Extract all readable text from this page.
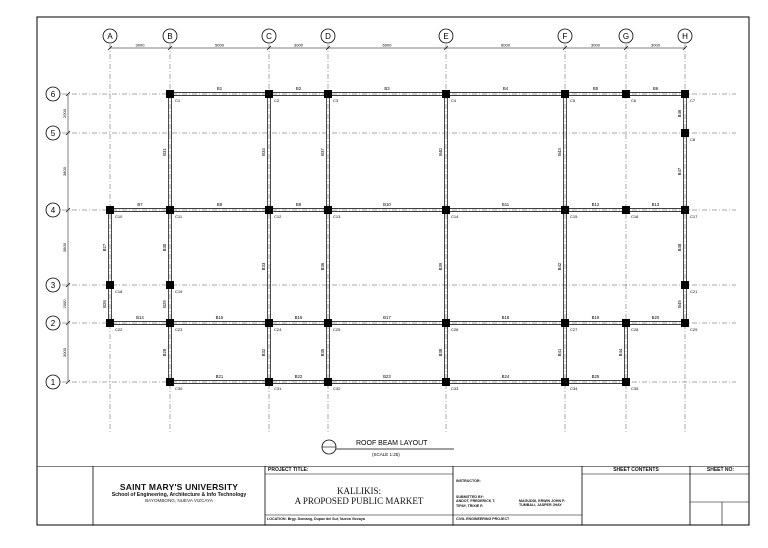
B1	B2	B3	B4	B5	B6
B7	B8	B9	B10	B11	B12	B13
B14	B15	B16	B17	B18	B19	B20
B21	B22	B23	B24	B25
B31	B34	B37	B40	B43
B46
B47
B27	B30
B33	B36	B39	B42
B48
B26	B29	B49
B28	B32	B35	B38	B41	B44
C1	C2	C3	C4	C5	C6	C7
C8
C10	C11	C12	C13	C14	C15	C16	C17
C18	C19	C21
C22	C23	C24	C25	C26	C27	C28	C29
C30	C31	C32	C33	C34	C35
A	B	C	D	E	F	G	H
6
5
4
3
2
1
3000	5000	3000	6000	6000	3000	3000
2000
3800
3800
2000
3000
ROOF BEAM LAYOUT
(SCALE 1:25)
SAINT MARY'S UNIVERSITY
School of Engineering, Architecture & Info Technology
BAYOMBONG, NUEVA VIZCAYA
PROJECT TITLE:
KALLIKIS:
A PROPOSED PUBLIC MARKET
LOCATION: Brgy. Domang, Dupax del Sur, Nueva Vizcaya
INSTRUCTOR:
SUBMITTED BY:
ANDOT, FREDERICK T.
TIPAY, TRIXIE P.
MAGUDDI, ERWIN JOHN P.
TUMBALI, JASPER JHAY
CIVIL ENGINEERING PROJECT
SHEET CONTENTS	SHEET NO:
